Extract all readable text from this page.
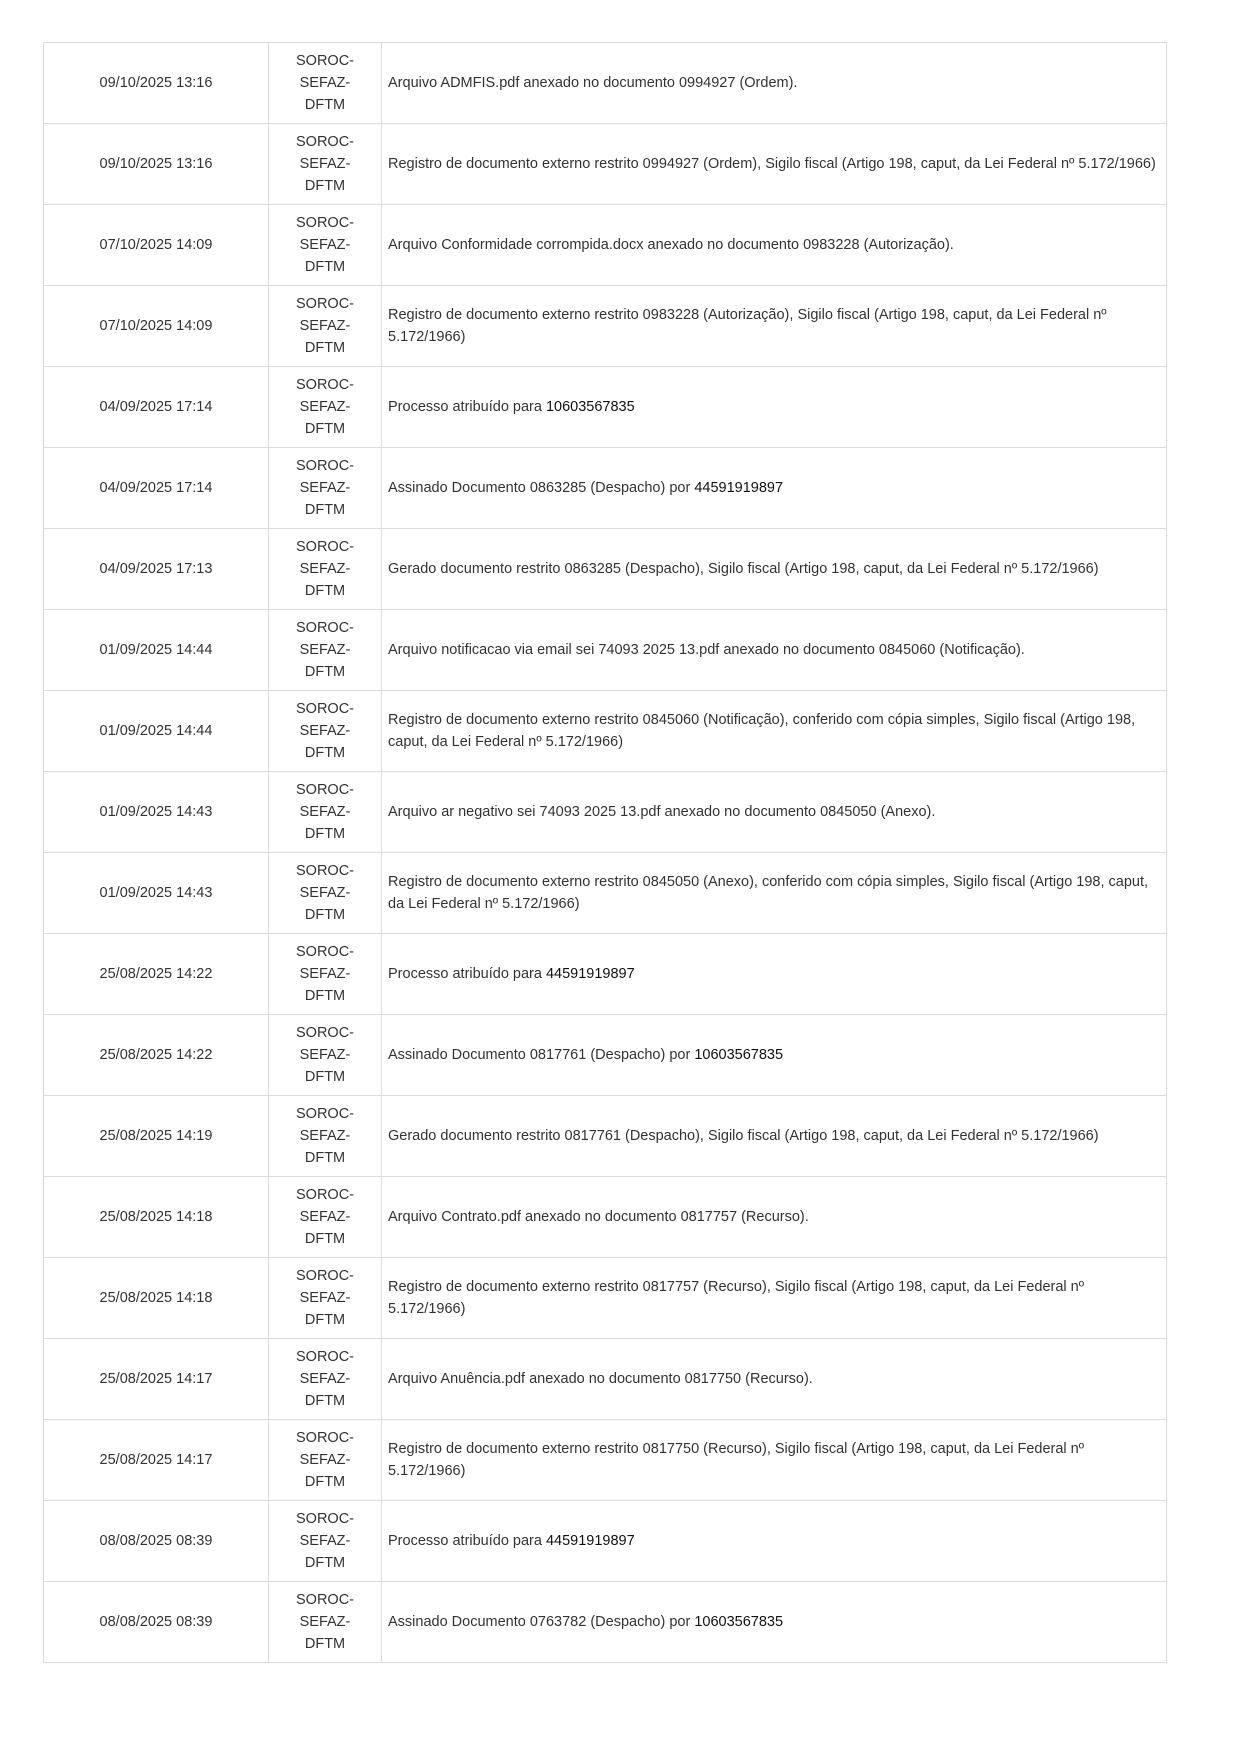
09/10/2025 13:16	SOROC-
SEFAZ-
DFTM	Arquivo ADMFIS.pdf anexado no documento 0994927 (Ordem).
09/10/2025 13:16	SOROC-
SEFAZ-
DFTM	Registro de documento externo restrito 0994927 (Ordem), Sigilo fiscal (Artigo 198, caput, da Lei Federal nº 5.172/1966)
07/10/2025 14:09	SOROC-
SEFAZ-
DFTM	Arquivo Conformidade corrompida.docx anexado no documento 0983228 (Autorização).
07/10/2025 14:09	SOROC-
SEFAZ-
DFTM	Registro de documento externo restrito 0983228 (Autorização), Sigilo fiscal (Artigo 198, caput, da Lei Federal nº 5.172/1966)
04/09/2025 17:14	SOROC-
SEFAZ-
DFTM	Processo atribuído para 10603567835
04/09/2025 17:14	SOROC-
SEFAZ-
DFTM	Assinado Documento 0863285 (Despacho) por 44591919897
04/09/2025 17:13	SOROC-
SEFAZ-
DFTM	Gerado documento restrito 0863285 (Despacho), Sigilo fiscal (Artigo 198, caput, da Lei Federal nº 5.172/1966)
01/09/2025 14:44	SOROC-
SEFAZ-
DFTM	Arquivo notificacao via email sei 74093 2025 13.pdf anexado no documento 0845060 (Notificação).
01/09/2025 14:44	SOROC-
SEFAZ-
DFTM	Registro de documento externo restrito 0845060 (Notificação), conferido com cópia simples, Sigilo fiscal (Artigo 198, caput, da Lei Federal nº 5.172/1966)
01/09/2025 14:43	SOROC-
SEFAZ-
DFTM	Arquivo ar negativo sei 74093 2025 13.pdf anexado no documento 0845050 (Anexo).
01/09/2025 14:43	SOROC-
SEFAZ-
DFTM	Registro de documento externo restrito 0845050 (Anexo), conferido com cópia simples, Sigilo fiscal (Artigo 198, caput, da Lei Federal nº 5.172/1966)
25/08/2025 14:22	SOROC-
SEFAZ-
DFTM	Processo atribuído para 44591919897
25/08/2025 14:22	SOROC-
SEFAZ-
DFTM	Assinado Documento 0817761 (Despacho) por 10603567835
25/08/2025 14:19	SOROC-
SEFAZ-
DFTM	Gerado documento restrito 0817761 (Despacho), Sigilo fiscal (Artigo 198, caput, da Lei Federal nº 5.172/1966)
25/08/2025 14:18	SOROC-
SEFAZ-
DFTM	Arquivo Contrato.pdf anexado no documento 0817757 (Recurso).
25/08/2025 14:18	SOROC-
SEFAZ-
DFTM	Registro de documento externo restrito 0817757 (Recurso), Sigilo fiscal (Artigo 198, caput, da Lei Federal nº 5.172/1966)
25/08/2025 14:17	SOROC-
SEFAZ-
DFTM	Arquivo Anuência.pdf anexado no documento 0817750 (Recurso).
25/08/2025 14:17	SOROC-
SEFAZ-
DFTM	Registro de documento externo restrito 0817750 (Recurso), Sigilo fiscal (Artigo 198, caput, da Lei Federal nº 5.172/1966)
08/08/2025 08:39	SOROC-
SEFAZ-
DFTM	Processo atribuído para 44591919897
08/08/2025 08:39	SOROC-
SEFAZ-
DFTM	Assinado Documento 0763782 (Despacho) por 10603567835
